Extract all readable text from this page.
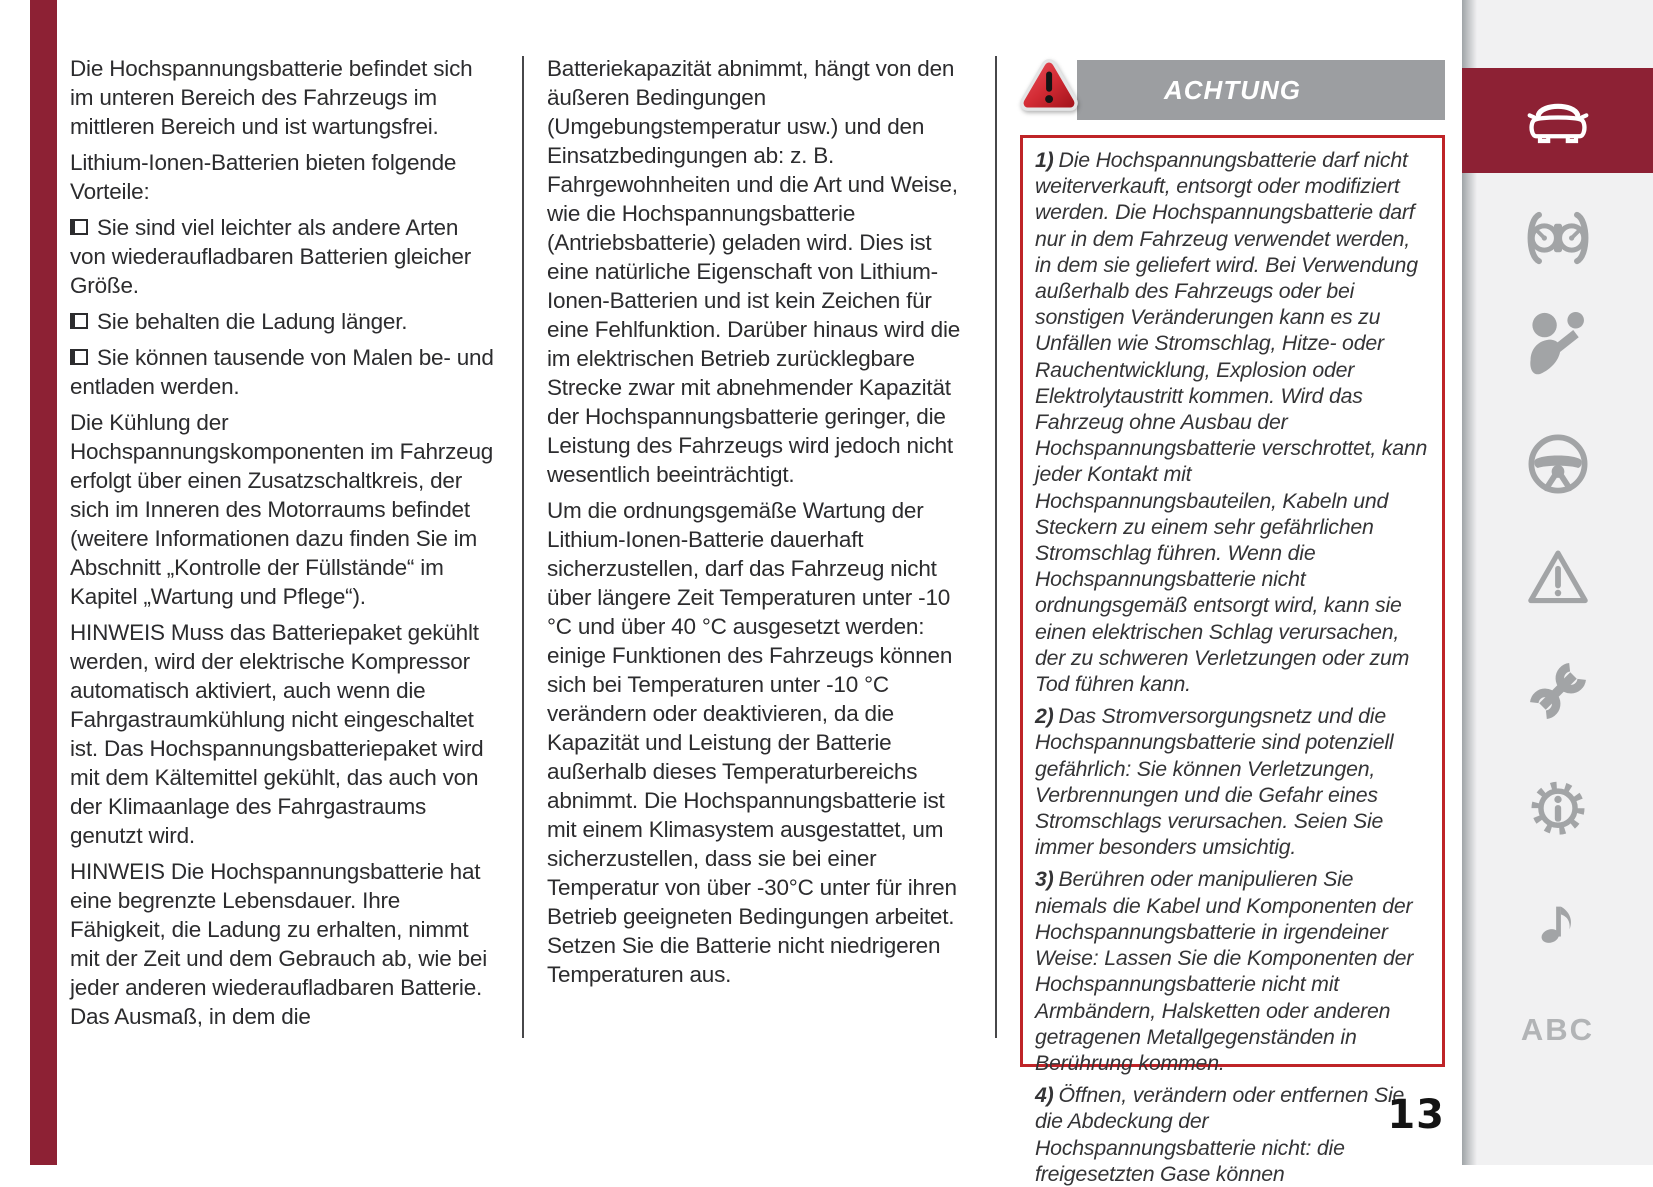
Die Hochspannungsbatterie befindet sich im unteren Bereich des Fahrzeugs im mittleren Bereich und ist wartungsfrei.

Lithium-Ionen-Batterien bieten folgende Vorteile:

Sie sind viel leichter als andere Arten von wiederaufladbaren Batterien gleicher Größe.

Sie behalten die Ladung länger.

Sie können tausende von Malen be- und entladen werden.

Die Kühlung der Hochspannungskomponenten im Fahrzeug erfolgt über einen Zusatzschaltkreis, der sich im Inneren des Motorraums befindet (weitere Informationen dazu finden Sie im Abschnitt „Kontrolle der Füllstände“ im Kapitel „Wartung und Pflege“).

HINWEIS Muss das Batteriepaket gekühlt werden, wird der elektrische Kompressor automatisch aktiviert, auch wenn die Fahrgastraumkühlung nicht eingeschaltet ist. Das Hochspannungsbatteriepaket wird mit dem Kältemittel gekühlt, das auch von der Klimaanlage des Fahrgastraums genutzt wird.

HINWEIS Die Hochspannungsbatterie hat eine begrenzte Lebensdauer. Ihre Fähigkeit, die Ladung zu erhalten, nimmt mit der Zeit und dem Gebrauch ab, wie bei jeder anderen wiederaufladbaren Batterie. Das Ausmaß, in dem die

Batteriekapazität abnimmt, hängt von den äußeren Bedingungen (Umgebungstemperatur usw.) und den Einsatzbedingungen ab: z. B. Fahrgewohnheiten und die Art und Weise, wie die Hochspannungsbatterie (Antriebsbatterie) geladen wird. Dies ist eine natürliche Eigenschaft von Lithium-Ionen-Batterien und ist kein Zeichen für eine Fehlfunktion. Darüber hinaus wird die im elektrischen Betrieb zurücklegbare Strecke zwar mit abnehmender Kapazität der Hochspannungsbatterie geringer, die Leistung des Fahrzeugs wird jedoch nicht wesentlich beeinträchtigt.

Um die ordnungsgemäße Wartung der Lithium-Ionen-Batterie dauerhaft sicherzustellen, darf das Fahrzeug nicht über längere Zeit Temperaturen unter -10 °C und über 40 °C ausgesetzt werden: einige Funktionen des Fahrzeugs können sich bei Temperaturen unter -10 °C verändern oder deaktivieren, da die Kapazität und Leistung der Batterie außerhalb dieses Temperaturbereichs abnimmt. Die Hochspannungsbatterie ist mit einem Klimasystem ausgestattet, um sicherzustellen, dass sie bei einer Temperatur von über -30°C unter für ihren Betrieb geeigneten Bedingungen arbeitet. Setzen Sie die Batterie nicht niedrigeren Temperaturen aus.

ACHTUNG

1) Die Hochspannungsbatterie darf nicht weiterverkauft, entsorgt oder modifiziert werden. Die Hochspannungsbatterie darf nur in dem Fahrzeug verwendet werden, in dem sie geliefert wird. Bei Verwendung außerhalb des Fahrzeugs oder bei sonstigen Veränderungen kann es zu Unfällen wie Stromschlag, Hitze- oder Rauchentwicklung, Explosion oder Elektrolytaustritt kommen. Wird das Fahrzeug ohne Ausbau der Hochspannungsbatterie verschrottet, kann jeder Kontakt mit Hochspannungsbauteilen, Kabeln und Steckern zu einem sehr gefährlichen Stromschlag führen. Wenn die Hochspannungsbatterie nicht ordnungsgemäß entsorgt wird, kann sie einen elektrischen Schlag verursachen, der zu schweren Verletzungen oder zum Tod führen kann.

2) Das Stromversorgungsnetz und die Hochspannungsbatterie sind potenziell gefährlich: Sie können Verletzungen, Verbrennungen und die Gefahr eines Stromschlags verursachen. Seien Sie immer besonders umsichtig.

3) Berühren oder manipulieren Sie niemals die Kabel und Komponenten der Hochspannungsbatterie in irgendeiner Weise: Lassen Sie die Komponenten der Hochspannungsbatterie nicht mit Armbändern, Halsketten oder anderen getragenen Metallgegenständen in Berührung kommen.

4) Öffnen, verändern oder entfernen Sie die Abdeckung der Hochspannungsbatterie nicht: die freigesetzten Gase können

ABC
13
